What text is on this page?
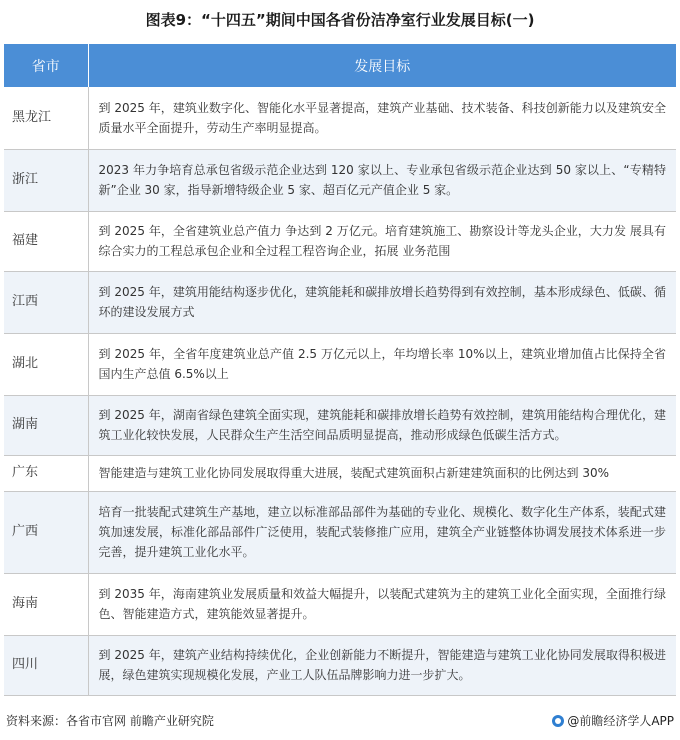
图表9：“十四五”期间中国各省份洁净室行业发展目标(一)
省市	发展目标
黑龙江	到 2025 年，建筑业数字化、智能化水平显著提高，建筑产业基础、技术装备、科技创新能力以及建筑安全质量水平全面提升，劳动生产率明显提高。
浙江	2023 年力争培育总承包省级示范企业达到 120 家以上、专业承包省级示范企业达到 50 家以上、“专精特新”企业 30 家，指导新增特级企业 5 家、超百亿元产值企业 5 家。
福建	到 2025 年，全省建筑业总产值力 争达到 2 万亿元。培育建筑施工、勘察设计等龙头企业，大力发 展具有综合实力的工程总承包企业和全过程工程咨询企业，拓展 业务范围
江西	到 2025 年，建筑用能结构逐步优化，建筑能耗和碳排放增长趋势得到有效控制，基本形成绿色、低碳、循环的建设发展方式
湖北	到 2025 年，全省年度建筑业总产值 2.5 万亿元以上，年均增长率 10%以上，建筑业增加值占比保持全省国内生产总值 6.5%以上
湖南	到 2025 年，湖南省绿色建筑全面实现，建筑能耗和碳排放增长趋势有效控制，建筑用能结构合理优化，建筑工业化较快发展，人民群众生产生活空间品质明显提高，推动形成绿色低碳生活方式。
广东	智能建造与建筑工业化协同发展取得重大进展，装配式建筑面积占新建建筑面积的比例达到 30%
广西	培育一批装配式建筑生产基地，建立以标准部品部件为基础的专业化、规模化、数字化生产体系，装配式建筑加速发展，标准化部品部件广泛使用，装配式装修推广应用，建筑全产业链整体协调发展技术体系进一步完善，提升建筑工业化水平。
海南	到 2035 年，海南建筑业发展质量和效益大幅提升，以装配式建筑为主的建筑工业化全面实现，全面推行绿色、智能建造方式，建筑能效显著提升。
四川	到 2025 年，建筑产业结构持续优化，企业创新能力不断提升，智能建造与建筑工业化协同发展取得积极进展，绿色建筑实现规模化发展，产业工人队伍品牌影响力进一步扩大。
资料来源：各省市官网 前瞻产业研究院	@前瞻经济学人APP
